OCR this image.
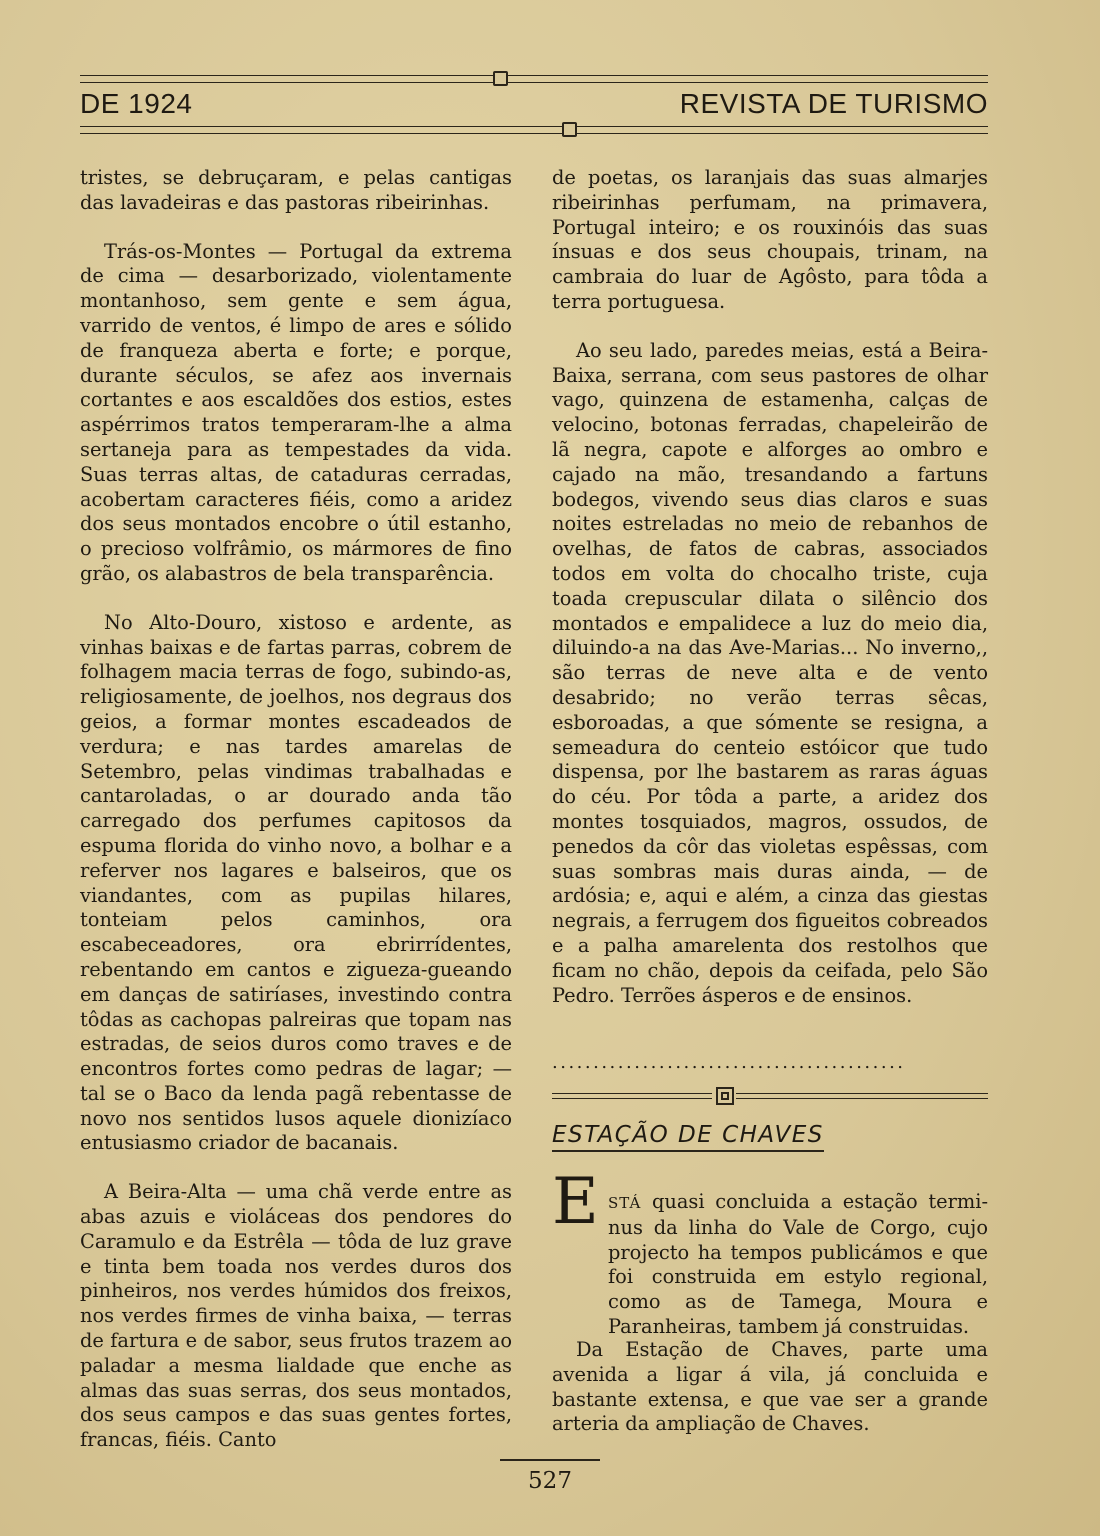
DE 1924	REVISTA DE TURISMO

tristes, se debruçaram, e pelas cantigas das lavadeiras e das pastoras ribeirinhas.

Trás-os-Montes — Portugal da extrema de cima — desarborizado, violentamente montanhoso, sem gente e sem água, varrido de ventos, é limpo de ares e sólido de franqueza aberta e forte; e porque, durante séculos, se afez aos invernais cortantes e aos escaldões dos estios, estes aspérrimos tratos temperaram-lhe a alma sertaneja para as tempestades da vida. Suas terras altas, de cataduras cerradas, acobertam caracteres fiéis, como a aridez dos seus montados encobre o útil estanho, o precioso volfrâmio, os mármores de fino grão, os alabastros de bela transparência.

No Alto-Douro, xistoso e ardente, as vinhas baixas e de fartas parras, cobrem de folhagem macia terras de fogo, subindo-as, religiosamente, de joelhos, nos degraus dos geios, a formar montes escadeados de verdura; e nas tardes amarelas de Setembro, pelas vindimas trabalhadas e cantaroladas, o ar dourado anda tão carregado dos perfumes capitosos da espuma florida do vinho novo, a bolhar e a referver nos lagares e balseiros, que os viandantes, com as pupilas hilares, tonteiam pelos caminhos, ora escabeceadores, ora ebrirrídentes, rebentando em cantos e zigueza-gueando em danças de satiríases, investindo contra tôdas as cachopas palreiras que topam nas estradas, de seios duros como traves e de encontros fortes como pedras de lagar; — tal se o Baco da lenda pagã rebentasse de novo nos sentidos lusos aquele dionizíaco entusiasmo criador de bacanais.

A Beira-Alta — uma chã verde entre as abas azuis e violáceas dos pendores do Caramulo e da Estrêla — tôda de luz grave e tinta bem toada nos verdes duros dos pinheiros, nos verdes húmidos dos freixos, nos verdes firmes de vinha baixa, — terras de fartura e de sabor, seus frutos trazem ao paladar a mesma lialdade que enche as almas das suas serras, dos seus montados, dos seus campos e das suas gentes fortes, francas, fiéis. Canto

de poetas, os laranjais das suas almarjes ribeirinhas perfumam, na primavera, Portugal inteiro; e os rouxinóis das suas ínsuas e dos seus choupais, trinam, na cambraia do luar de Agôsto, para tôda a terra portuguesa.

Ao seu lado, paredes meias, está a Beira-Baixa, serrana, com seus pastores de olhar vago, quinzena de estamenha, calças de velocino, botonas ferradas, chapeleirão de lã negra, capote e alforges ao ombro e cajado na mão, tresandando a fartuns bodegos, vivendo seus dias claros e suas noites estreladas no meio de rebanhos de ovelhas, de fatos de cabras, associados todos em volta do chocalho triste, cuja toada crepuscular dilata o silêncio dos montados e empalidece a luz do meio dia, diluindo-a na das Ave-Marias... No inverno,, são terras de neve alta e de vento desabrido; no verão terras sêcas, esboroadas, a que sómente se resigna, a semeadura do centeio estóicor que tudo dispensa, por lhe bastarem as raras águas do céu. Por tôda a parte, a aridez dos montes tosquiados, magros, ossudos, de penedos da côr das violetas espêssas, com suas sombras mais duras ainda, — de ardósia; e, aqui e além, a cinza das giestas negrais, a ferrugem dos figueitos cobreados e a palha amarelenta dos restolhos que ficam no chão, depois da ceifada, pelo São Pedro. Terrões ásperos e de ensinos.

...........................................
ESTAÇÃO DE CHAVES
E STÁ quasi concluida a estação termi- nus da linha do Vale de Corgo, cujo projecto ha tempos publicámos e que foi construida em estylo regional, como as de Tamega, Moura e Paranheiras, tambem já construidas.

Da Estação de Chaves, parte uma avenida a ligar á vila, já concluida e bastante extensa, e que vae ser a grande arteria da ampliação de Chaves.

527
